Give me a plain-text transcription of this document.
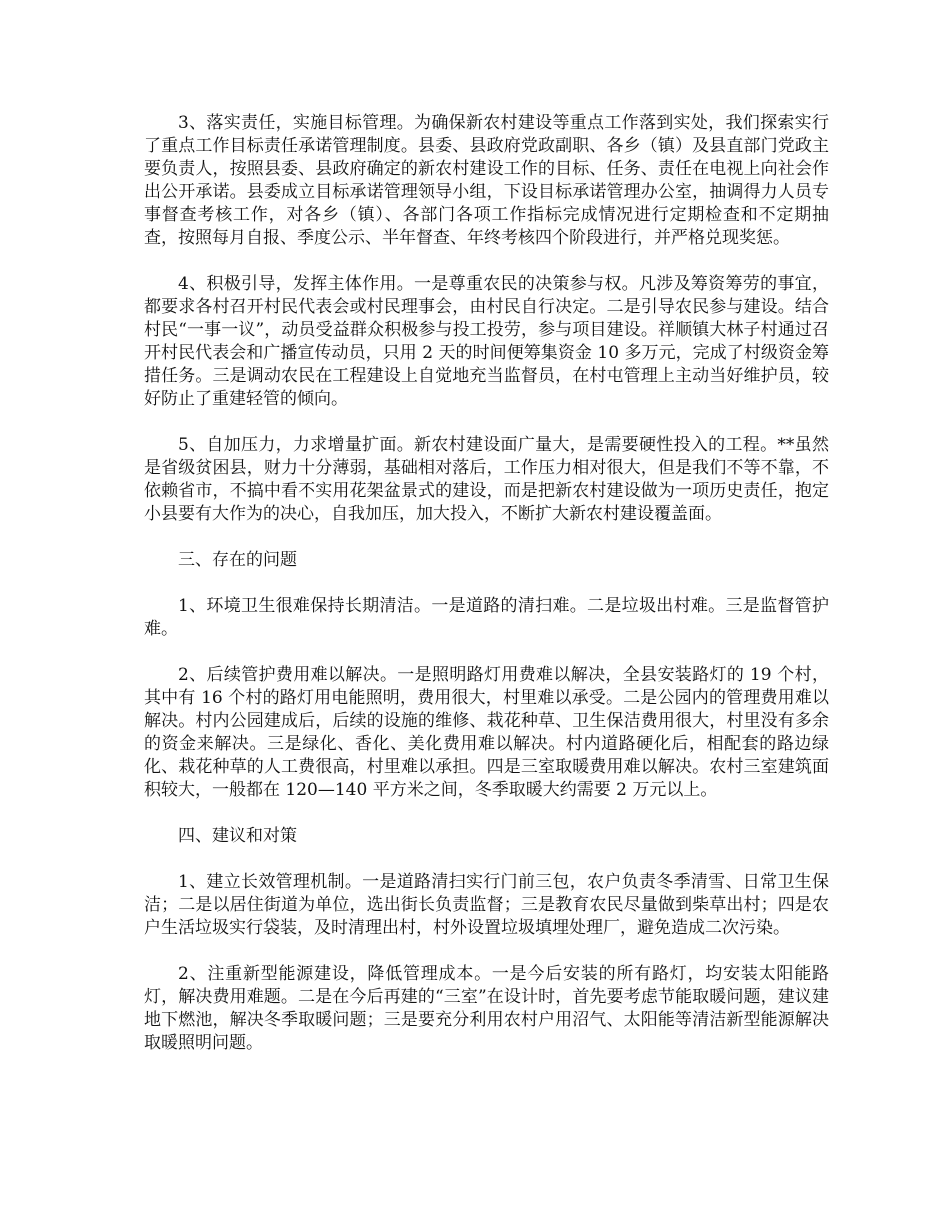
3、落实责任，实施目标管理。为确保新农村建设等重点工作落到实处，我们探索实行了重点工作目标责任承诺管理制度。县委、县政府党政副职、各乡（镇）及县直部门党政主要负责人，按照县委、县政府确定的新农村建设工作的目标、任务、责任在电视上向社会作出公开承诺。县委成立目标承诺管理领导小组，下设目标承诺管理办公室，抽调得力人员专事督查考核工作，对各乡（镇）、各部门各项工作指标完成情况进行定期检查和不定期抽查，按照每月自报、季度公示、半年督查、年终考核四个阶段进行，并严格兑现奖惩。

4、积极引导，发挥主体作用。一是尊重农民的决策参与权。凡涉及筹资筹劳的事宜，都要求各村召开村民代表会或村民理事会，由村民自行决定。二是引导农民参与建设。结合村民“一事一议”，动员受益群众积极参与投工投劳，参与项目建设。祥顺镇大林子村通过召开村民代表会和广播宣传动员，只用 2 天的时间便筹集资金 10 多万元，完成了村级资金筹措任务。三是调动农民在工程建设上自觉地充当监督员，在村屯管理上主动当好维护员，较好防止了重建轻管的倾向。

5、自加压力，力求增量扩面。新农村建设面广量大，是需要硬性投入的工程。**虽然是省级贫困县，财力十分薄弱，基础相对落后，工作压力相对很大，但是我们不等不靠，不依赖省市，不搞中看不实用花架盆景式的建设，而是把新农村建设做为一项历史责任，抱定小县要有大作为的决心，自我加压，加大投入，不断扩大新农村建设覆盖面。

三、存在的问题

1、环境卫生很难保持长期清洁。一是道路的清扫难。二是垃圾出村难。三是监督管护难。

2、后续管护费用难以解决。一是照明路灯用费难以解决，全县安装路灯的 19 个村，其中有 16 个村的路灯用电能照明，费用很大，村里难以承受。二是公园内的管理费用难以解决。村内公园建成后，后续的设施的维修、栽花种草、卫生保洁费用很大，村里没有多余的资金来解决。三是绿化、香化、美化费用难以解决。村内道路硬化后，相配套的路边绿化、栽花种草的人工费很高，村里难以承担。四是三室取暖费用难以解决。农村三室建筑面积较大，一般都在 120—140 平方米之间，冬季取暖大约需要 2 万元以上。

四、建议和对策

1、建立长效管理机制。一是道路清扫实行门前三包，农户负责冬季清雪、日常卫生保洁；二是以居住街道为单位，选出街长负责监督；三是教育农民尽量做到柴草出村；四是农户生活垃圾实行袋装，及时清理出村，村外设置垃圾填埋处理厂，避免造成二次污染。

2、注重新型能源建设，降低管理成本。一是今后安装的所有路灯，均安装太阳能路灯，解决费用难题。二是在今后再建的“三室”在设计时，首先要考虑节能取暖问题，建议建地下燃池，解决冬季取暖问题；三是要充分利用农村户用沼气、太阳能等清洁新型能源解决取暖照明问题。
